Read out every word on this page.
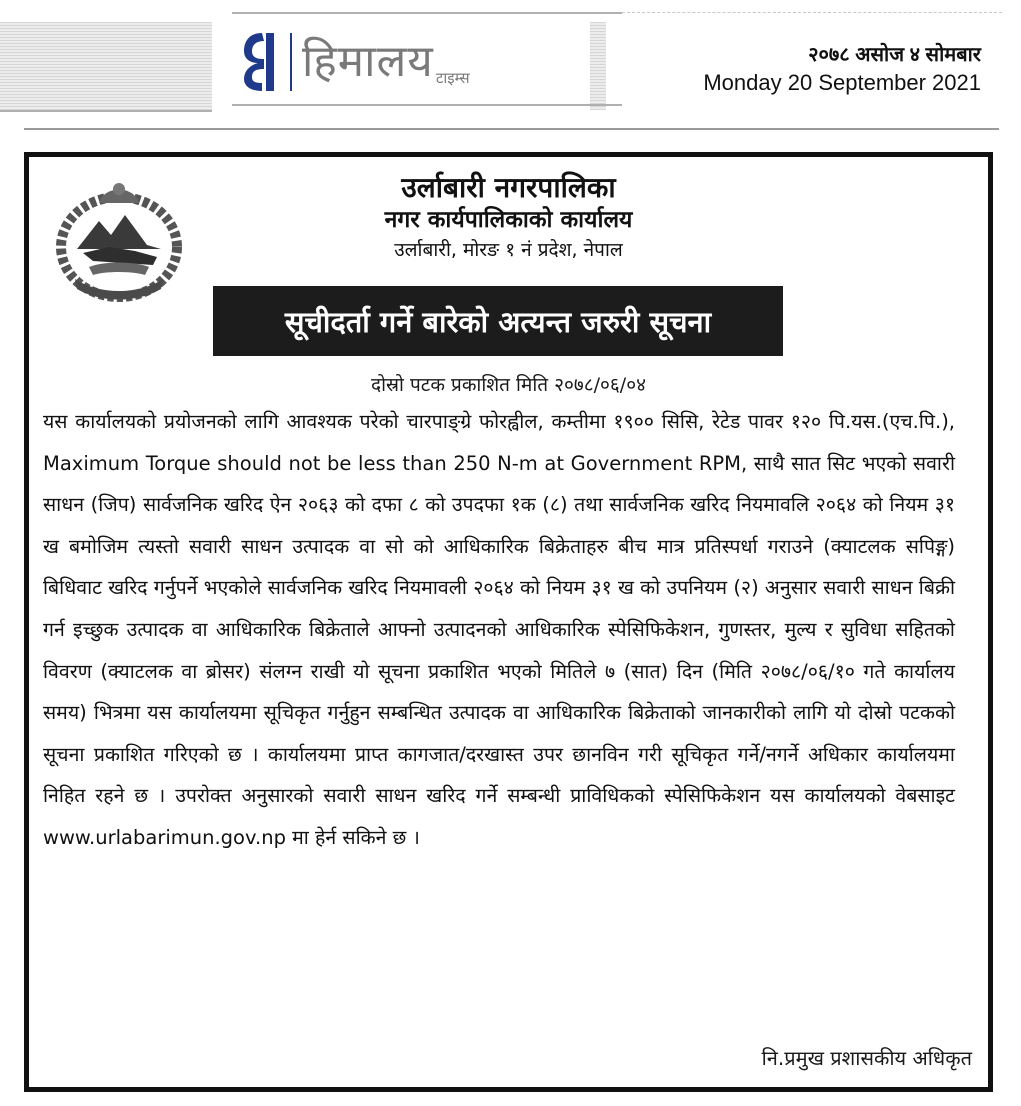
हिमालय टाइम्स
२०७८ असोज ४ सोमबार
Monday 20 September 2021
उर्लाबारी नगरपालिका
नगर कार्यपालिकाको कार्यालय
उर्लाबारी, मोरङ १ नं प्रदेश, नेपाल
सूचीदर्ता गर्ने बारेको अत्यन्त जरुरी सूचना
दोस्रो पटक प्रकाशित मिति २०७८/०६/०४
यस कार्यालयको प्रयोजनको लागि आवश्यक परेको चारपाङ्ग्रे फोरह्वील, कम्तीमा १९०० सिसि, रेटेड पावर १२० पि.यस.(एच.पि.), Maximum Torque should not be less than 250 N-m at Government RPM, साथै सात सिट भएको सवारी साधन (जिप) सार्वजनिक खरिद ऐन २०६३ को दफा ८ को उपदफा १क (८) तथा सार्वजनिक खरिद नियमावलि २०६४ को नियम ३१ ख बमोजिम त्यस्तो सवारी साधन उत्पादक वा सो को आधिकारिक बिक्रेताहरु बीच मात्र प्रतिस्पर्धा गराउने (क्याटलक सपिङ्ग) बिधिवाट खरिद गर्नुपर्ने भएकोले सार्वजनिक खरिद नियमावली २०६४ को नियम ३१ ख को उपनियम (२) अनुसार सवारी साधन बिक्री गर्न इच्छुक उत्पादक वा आधिकारिक बिक्रेताले आफ्नो उत्पादनको आधिकारिक स्पेसिफिकेशन, गुणस्तर, मुल्य र सुविधा सहितको विवरण (क्याटलक वा ब्रोसर) संलग्न राखी यो सूचना प्रकाशित भएको मितिले ७ (सात) दिन (मिति २०७८/०६/१० गते कार्यालय समय) भित्रमा यस कार्यालयमा सूचिकृत गर्नुहुन सम्बन्धित उत्पादक वा आधिकारिक बिक्रेताको जानकारीको लागि यो दोस्रो पटकको सूचना प्रकाशित गरिएको छ । कार्यालयमा प्राप्त कागजात/दरखास्त उपर छानविन गरी सूचिकृत गर्ने/नगर्ने अधिकार कार्यालयमा निहित रहने छ । उपरोक्त अनुसारको सवारी साधन खरिद गर्ने सम्बन्धी प्राविधिकको स्पेसिफिकेशन यस कार्यालयको वेबसाइट www.urlabarimun.gov.np मा हेर्न सकिने छ ।
नि.प्रमुख प्रशासकीय अधिकृत
